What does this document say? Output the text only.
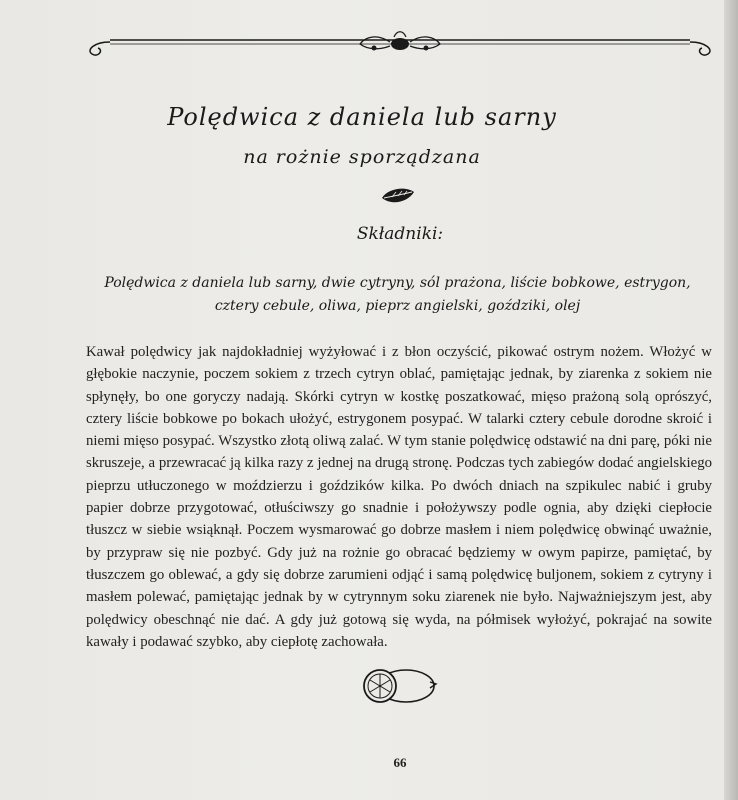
Polędwica z daniela lub sarny
na rożnie sporządzana
Składniki:
Polędwica z daniela lub sarny, dwie cytryny, sól prażona, liście bobkowe, estrygon, cztery cebule, oliwa, pieprz angielski, goździki, olej
Kawał polędwicy jak najdokładniej wyżyłować i z błon oczyścić, pikować ostrym nożem. Włożyć w głębokie naczynie, poczem sokiem z trzech cytryn oblać, pamiętając jednak, by ziarenka z sokiem nie spłynęły, bo one goryczy nadają. Skórki cytryn w kostkę poszatkować, mięso prażoną solą oprószyć, cztery liście bobkowe po bokach ułożyć, estrygonem posypać. W talarki cztery cebule dorodne skroić i niemi mięso posypać. Wszystko złotą oliwą zalać. W tym stanie polędwicę odstawić na dni parę, póki nie skruszeje, a przewracać ją kilka razy z jednej na drugą stronę. Podczas tych zabiegów dodać angielskiego pieprzu utłuczonego w moździerzu i goździków kilka. Po dwóch dniach na szpikulec nabić i gruby papier dobrze przygotować, otłuściwszy go snadnie i położywszy podle ognia, aby dzięki ciepłocie tłuszcz w siebie wsiąknął. Poczem wysmarować go dobrze masłem i niem polędwicę obwinąć uważnie, by przypraw się nie pozbyć. Gdy już na rożnie go obracać będziemy w owym papirze, pamiętać, by tłuszczem go oblewać, a gdy się dobrze zarumieni odjąć i samą polędwicę buljonem, sokiem z cytryny i masłem polewać, pamiętając jednak by w cytrynnym soku ziarenek nie było. Najważniejszym jest, aby polędwicy obeschnąć nie dać. A gdy już gotową się wyda, na półmisek wyłożyć, pokrajać na sowite kawały i podawać szybko, aby ciepłotę zachowała.
66
